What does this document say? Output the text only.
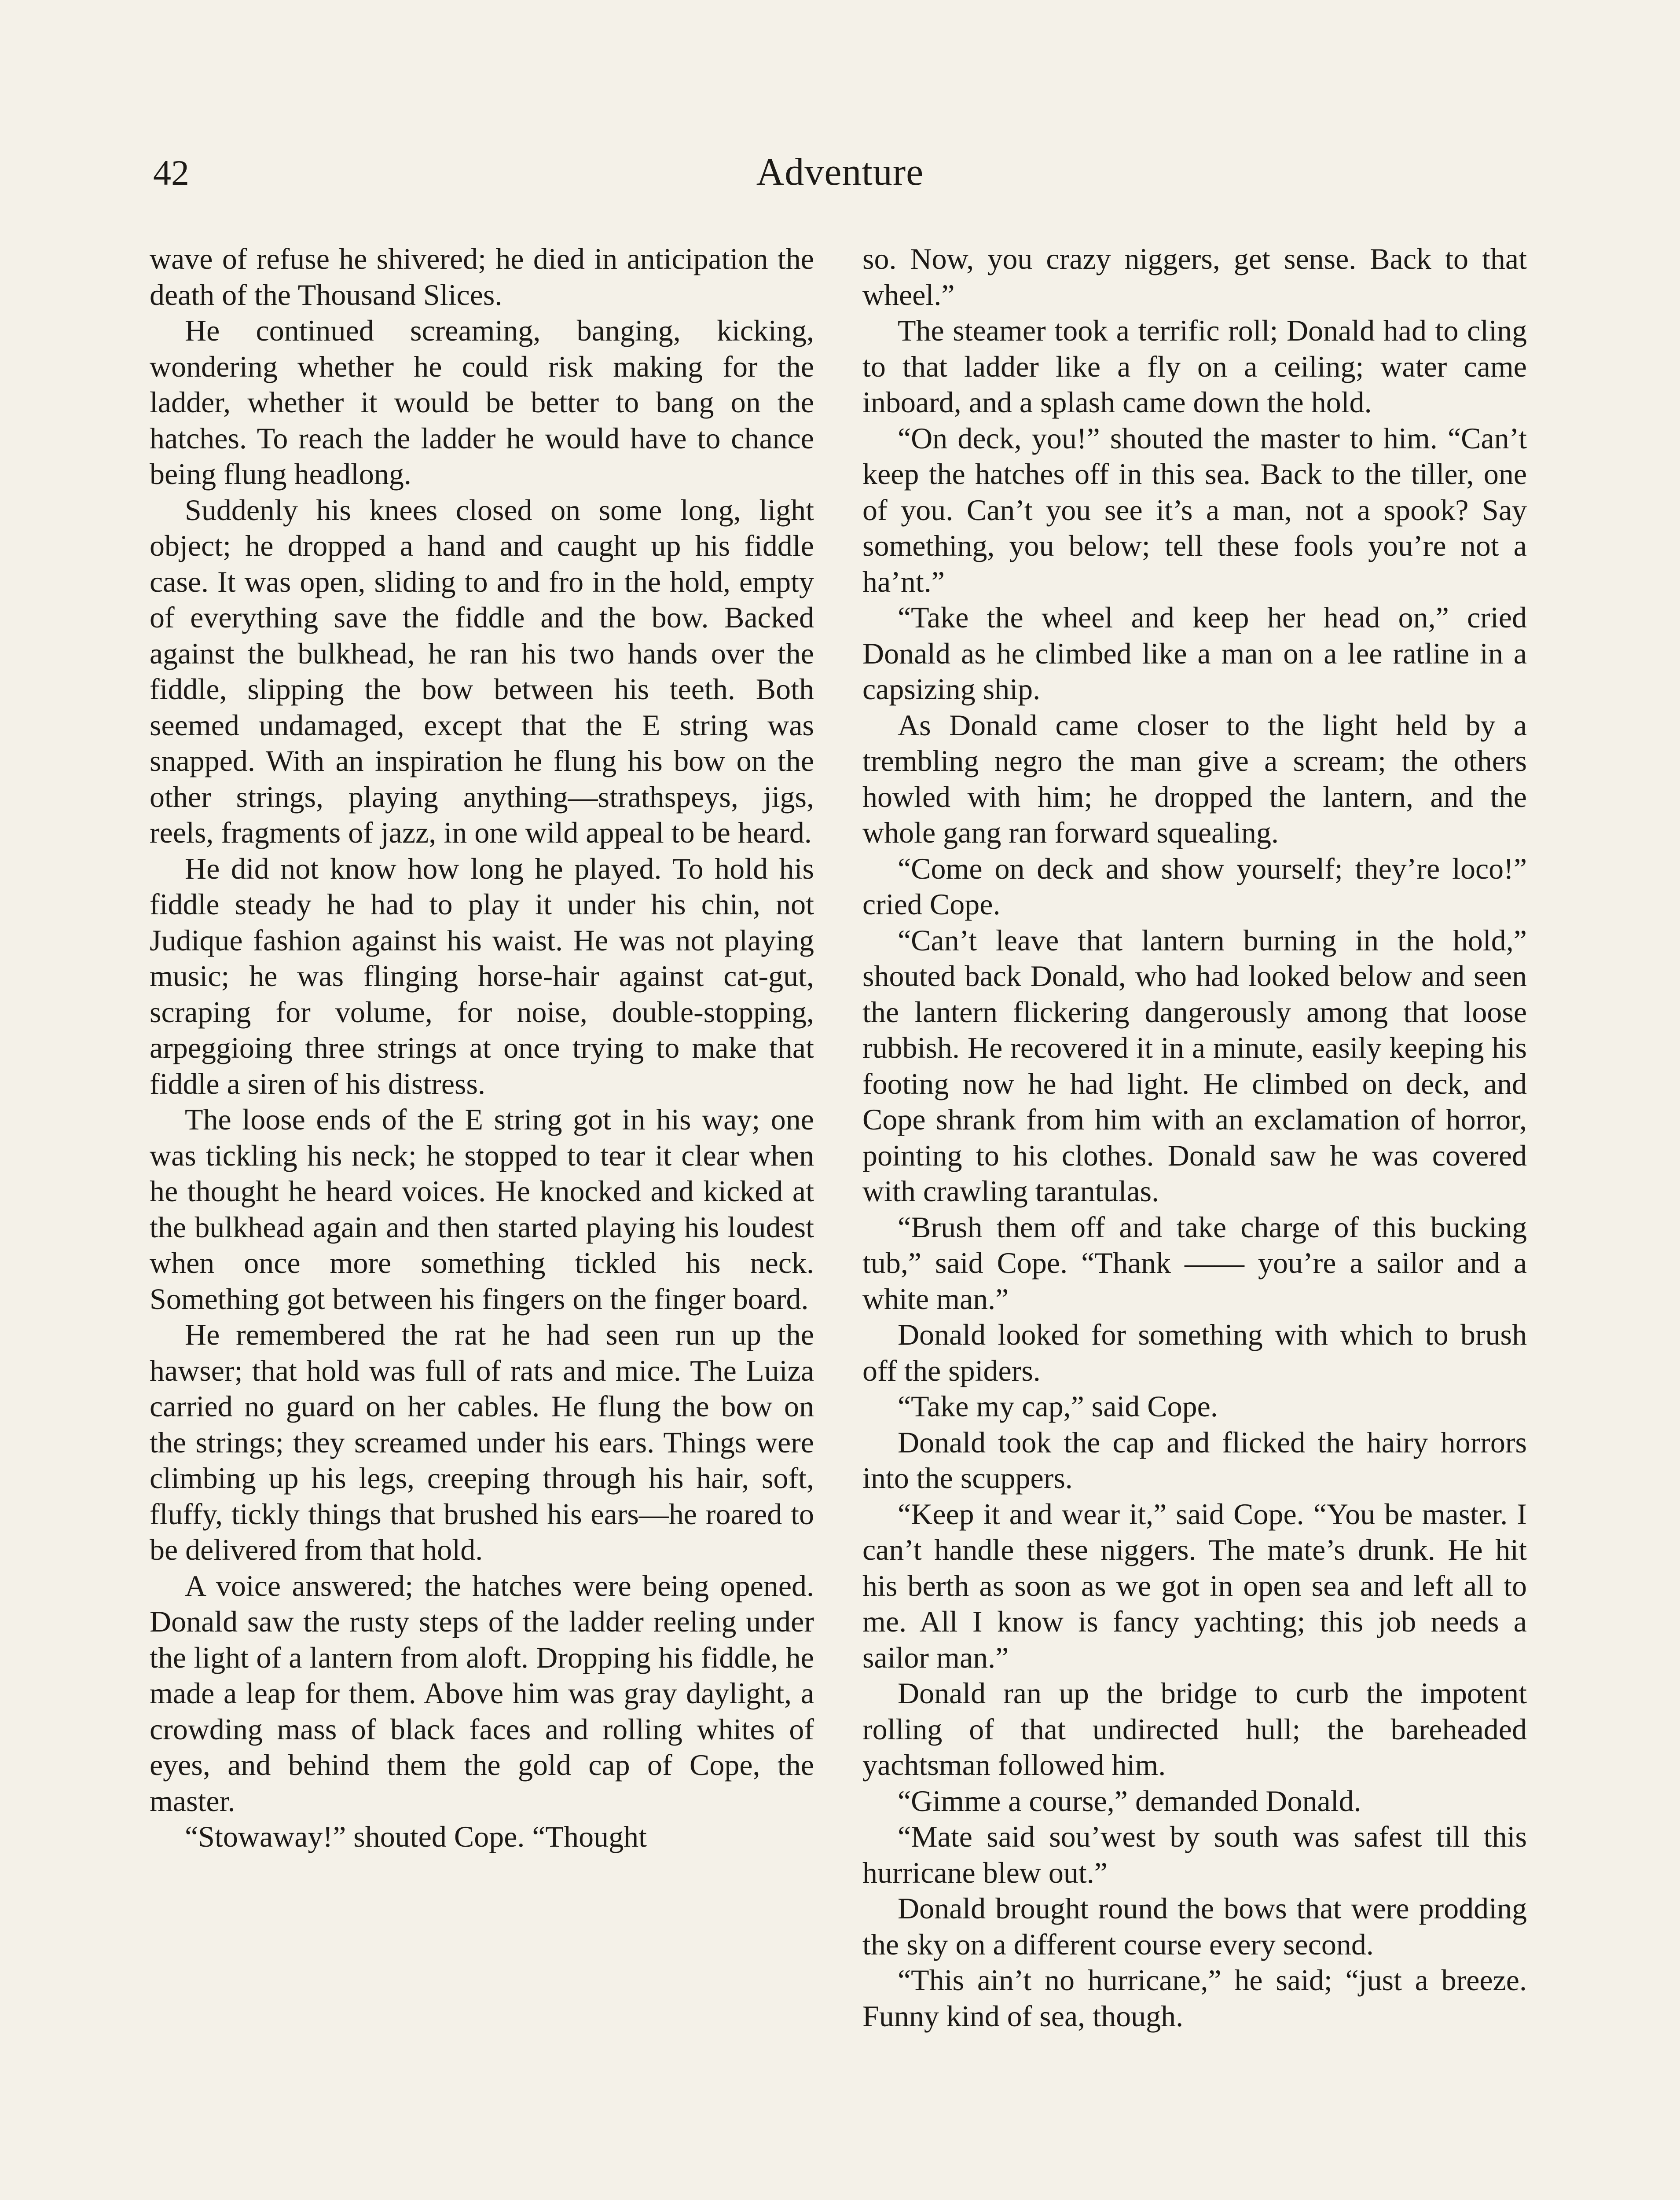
42	Adventure

wave of refuse he shivered; he died in anticipation the death of the Thousand Slices.

He continued screaming, banging, kicking, wondering whether he could risk making for the ladder, whether it would be better to bang on the hatches. To reach the ladder he would have to chance being flung headlong.

Suddenly his knees closed on some long, light object; he dropped a hand and caught up his fiddle case. It was open, sliding to and fro in the hold, empty of everything save the fiddle and the bow. Backed against the bulkhead, he ran his two hands over the fiddle, slipping the bow between his teeth. Both seemed undamaged, except that the E string was snapped. With an inspiration he flung his bow on the other strings, playing anything—strathspeys, jigs, reels, fragments of jazz, in one wild appeal to be heard.

He did not know how long he played. To hold his fiddle steady he had to play it under his chin, not Judique fashion against his waist. He was not playing music; he was flinging horse-hair against cat-gut, scraping for volume, for noise, double-stopping, arpeggioing three strings at once trying to make that fiddle a siren of his distress.

The loose ends of the E string got in his way; one was tickling his neck; he stopped to tear it clear when he thought he heard voices. He knocked and kicked at the bulkhead again and then started playing his loudest when once more something tickled his neck. Something got between his fingers on the finger board.

He remembered the rat he had seen run up the hawser; that hold was full of rats and mice. The Luiza carried no guard on her cables. He flung the bow on the strings; they screamed under his ears. Things were climbing up his legs, creeping through his hair, soft, fluffy, tickly things that brushed his ears—he roared to be delivered from that hold.

A voice answered; the hatches were being opened. Donald saw the rusty steps of the ladder reeling under the light of a lantern from aloft. Dropping his fiddle, he made a leap for them. Above him was gray daylight, a crowding mass of black faces and rolling whites of eyes, and behind them the gold cap of Cope, the master.

“Stowaway!” shouted Cope. “Thought

so. Now, you crazy niggers, get sense. Back to that wheel.”

The steamer took a terrific roll; Donald had to cling to that ladder like a fly on a ceiling; water came inboard, and a splash came down the hold.

“On deck, you!” shouted the master to him. “Can’t keep the hatches off in this sea. Back to the tiller, one of you. Can’t you see it’s a man, not a spook? Say something, you below; tell these fools you’re not a ha’nt.”

“Take the wheel and keep her head on,” cried Donald as he climbed like a man on a lee ratline in a capsizing ship.

As Donald came closer to the light held by a trembling negro the man give a scream; the others howled with him; he dropped the lantern, and the whole gang ran forward squealing.

“Come on deck and show yourself; they’re loco!” cried Cope.

“Can’t leave that lantern burning in the hold,” shouted back Donald, who had looked below and seen the lantern flickering dangerously among that loose rubbish. He recovered it in a minute, easily keeping his footing now he had light. He climbed on deck, and Cope shrank from him with an exclamation of horror, pointing to his clothes. Donald saw he was covered with crawling tarantulas.

“Brush them off and take charge of this bucking tub,” said Cope. “Thank —— you’re a sailor and a white man.”

Donald looked for something with which to brush off the spiders.

“Take my cap,” said Cope.

Donald took the cap and flicked the hairy horrors into the scuppers.

“Keep it and wear it,” said Cope. “You be master. I can’t handle these niggers. The mate’s drunk. He hit his berth as soon as we got in open sea and left all to me. All I know is fancy yachting; this job needs a sailor man.”

Donald ran up the bridge to curb the impotent rolling of that undirected hull; the bareheaded yachtsman followed him.

“Gimme a course,” demanded Donald.

“Mate said sou’west by south was safest till this hurricane blew out.”

Donald brought round the bows that were prodding the sky on a different course every second.

“This ain’t no hurricane,” he said; “just a breeze. Funny kind of sea, though.
